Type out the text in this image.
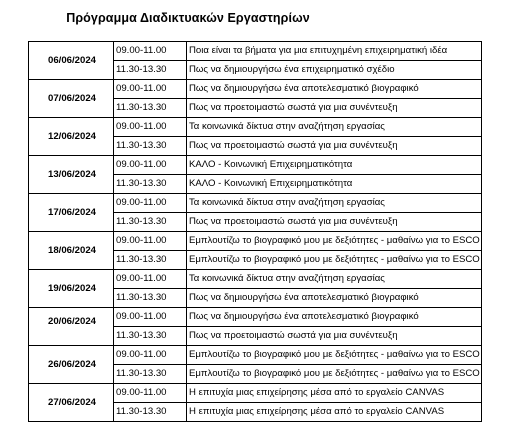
Πρόγραμμα Διαδικτυακών Εργαστηρίων
06/06/2024	09.00-11.00	Ποια είναι τα βήματα για μια επιτυχημένη επιχειρηματική ιδέα
	11.30-13.30	Πως να δημιουργήσω ένα επιχειρηματικό σχέδιο
07/06/2024	09.00-11.00	Πως να δημιουργήσω ένα αποτελεσματικό βιογραφικό
	11.30-13.30	Πως να προετοιμαστώ σωστά για μια συνέντευξη
12/06/2024	09.00-11.00	Τα κοινωνικά δίκτυα στην αναζήτηση εργασίας
	11.30-13.30	Πως να προετοιμαστώ σωστά για μια συνέντευξη
13/06/2024	09.00-11.00	ΚΑΛΟ - Κοινωνική Επιχειρηματικότητα
	11.30-13.30	ΚΑΛΟ - Κοινωνική Επιχειρηματικότητα
17/06/2024	09.00-11.00	Τα κοινωνικά δίκτυα στην αναζήτηση εργασίας
	11.30-13.30	Πως να προετοιμαστώ σωστά για μια συνέντευξη
18/06/2024	09.00-11.00	Εμπλουτίζω το βιογραφικό μου με δεξιότητες - μαθαίνω για το ESCO
	11.30-13.30	Εμπλουτίζω το βιογραφικό μου με δεξιότητες - μαθαίνω για το ESCO
19/06/2024	09.00-11.00	Τα κοινωνικά δίκτυα στην αναζήτηση εργασίας
	11.30-13.30	Πως να δημιουργήσω ένα αποτελεσματικό βιογραφικό
20/06/2024	09.00-11.00	Πως να δημιουργήσω ένα αποτελεσματικό βιογραφικό
	11.30-13.30	Πως να προετοιμαστώ σωστά για μια συνέντευξη
26/06/2024	09.00-11.00	Εμπλουτίζω το βιογραφικό μου με δεξιότητες - μαθαίνω για το ESCO
	11.30-13.30	Εμπλουτίζω το βιογραφικό μου με δεξιότητες - μαθαίνω για το ESCO
27/06/2024	09.00-11.00	Η επιτυχία μιας επιχείρησης μέσα από το εργαλείο CANVAS
	11.30-13.30	Η επιτυχία μιας επιχείρησης μέσα από το εργαλείο CANVAS
